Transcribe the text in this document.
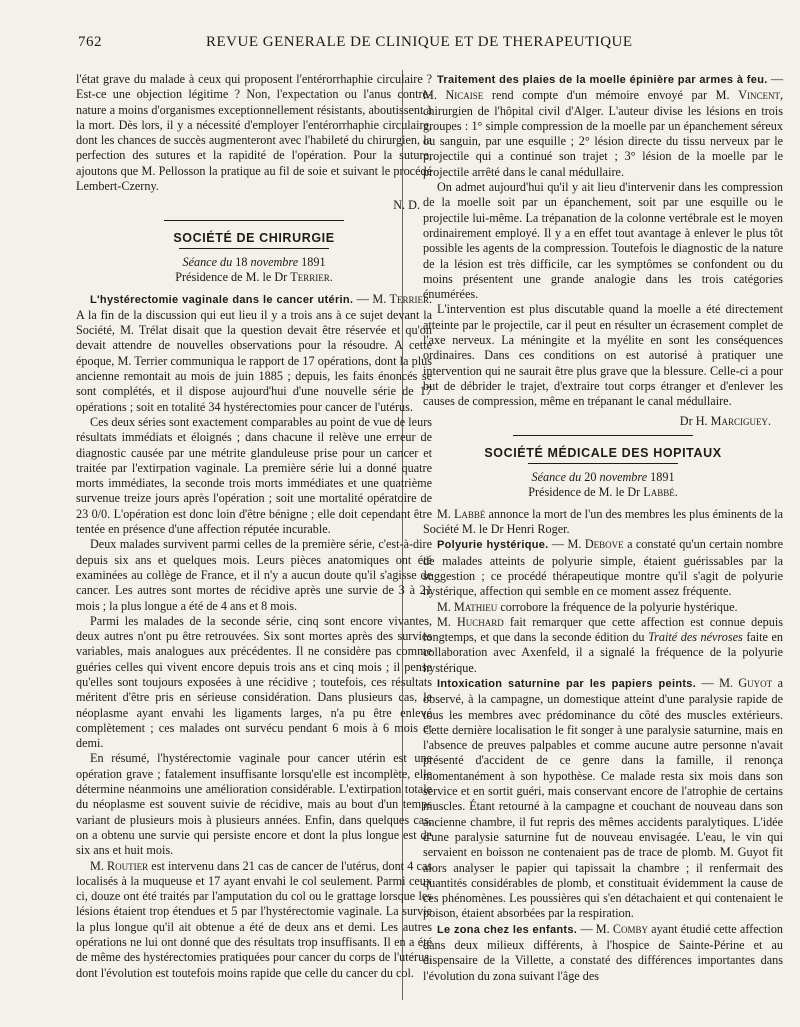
762	REVUE GENERALE DE CLINIQUE ET DE THERAPEUTIQUE

l'état grave du malade à ceux qui proposent l'entérorrhaphie circulaire ? Est-ce une objection légitime ? Non, l'expectation ou l'anus contre-nature a moins d'organismes exceptionnellement résistants, aboutissent à la mort. Dès lors, il y a nécessité d'employer l'entérorrhaphie circulaire, dont les chances de succès augmenteront avec l'habileté du chirurgien, la perfection des sutures et la rapidité de l'opération. Pour la suture, ajoutons que M. Pellosson la pratique au fil de soie et suivant le procédé Lembert-Czerny.

N. D.

SOCIÉTÉ DE CHIRURGIE

Séance du 18 novembre 1891

Présidence de M. le Dr Terrier.

L'hystérectomie vaginale dans le cancer utérin. — M. Terrier. A la fin de la discussion qui eut lieu il y a trois ans à ce sujet devant la Société, M. Trélat disait que la question devait être réservée et qu'on devait attendre de nouvelles observations pour la résoudre. A cette époque, M. Terrier communiqua le rapport de 17 opérations, dont la plus ancienne remontait au mois de juin 1885 ; depuis, les faits énoncés se sont complétés, et il dispose aujourd'hui d'une nouvelle série de 17 opérations ; soit en totalité 34 hystérectomies pour cancer de l'utérus.

Ces deux séries sont exactement comparables au point de vue de leurs résultats immédiats et éloignés ; dans chacune il relève une erreur de diagnostic causée par une métrite glanduleuse prise pour un cancer et traitée par l'extirpation vaginale. La première série lui a donné quatre morts immédiates, la seconde trois morts immédiates et une quatrième survenue treize jours après l'opération ; soit une mortalité opératoire de 23 0/0. L'opération est donc loin d'être bénigne ; elle doit cependant être tentée en présence d'une affection réputée incurable.

Deux malades survivent parmi celles de la première série, c'est-à-dire depuis six ans et quelques mois. Leurs pièces anatomiques ont été examinées au collège de France, et il n'y a aucun doute qu'il s'agisse de cancer. Les autres sont mortes de récidive après une survie de 3 à 21 mois ; la plus longue a été de 4 ans et 8 mois.

Parmi les malades de la seconde série, cinq sont encore vivantes, deux autres n'ont pu être retrouvées. Six sont mortes après des survies variables, mais analogues aux précédentes. Il ne considère pas comme guéries celles qui vivent encore depuis trois ans et cinq mois ; il pense qu'elles sont toujours exposées à une récidive ; toutefois, ces résultats méritent d'être pris en sérieuse considération. Dans plusieurs cas, le néoplasme ayant envahi les ligaments larges, n'a pu être enlevé complètement ; ces malades ont survécu pendant 6 mois à 6 mois et demi.

En résumé, l'hystérectomie vaginale pour cancer utérin est une opération grave ; fatalement insuffisante lorsqu'elle est incomplète, elle détermine néanmoins une amélioration considérable. L'extirpation totale du néoplasme est souvent suivie de récidive, mais au bout d'un temps variant de plusieurs mois à plusieurs années. Enfin, dans quelques cas, on a obtenu une survie qui persiste encore et dont la plus longue est de six ans et huit mois.

M. Routier est intervenu dans 21 cas de cancer de l'utérus, dont 4 cas localisés à la muqueuse et 17 ayant envahi le col seulement. Parmi ceux ci, douze ont été traités par l'amputation du col ou le grattage lorsque les lésions étaient trop étendues et 5 par l'hystérectomie vaginale. La survie la plus longue qu'il ait obtenue a été de deux ans et demi. Les autres opérations ne lui ont donné que des résultats trop insuffisants. Il en a été de même des hystérectomies pratiquées pour cancer du corps de l'utérus, dont l'évolution est toutefois moins rapide que celle du cancer du col.

Traitement des plaies de la moelle épinière par armes à feu. — M. Nicaise rend compte d'un mémoire envoyé par M. Vincent, chirurgien de l'hôpital civil d'Alger. L'auteur divise les lésions en trois groupes : 1° simple compression de la moelle par un épanchement séreux ou sanguin, par une esquille ; 2° lésion directe du tissu nerveux par le projectile qui a continué son trajet ; 3° lésion de la moelle par le projectile arrêté dans le canal médullaire.

On admet aujourd'hui qu'il y ait lieu d'intervenir dans les compression de la moelle soit par un épanchement, soit par une esquille ou le projectile lui-même. La trépanation de la colonne vertébrale est le moyen ordinairement employé. Il y a en effet tout avantage à enlever le plus tôt possible les agents de la compression. Toutefois le diagnostic de la nature de la lésion est très difficile, car les symptômes se confondent ou du moins présentent une grande analogie dans les trois catégories énumérées.

L'intervention est plus discutable quand la moelle a été directement atteinte par le projectile, car il peut en résulter un écrasement complet de l'axe nerveux. La méningite et la myélite en sont les conséquences ordinaires. Dans ces conditions on est autorisé à pratiquer une intervention qui ne saurait être plus grave que la blessure. Celle-ci a pour but de débrider le trajet, d'extraire tout corps étranger et d'enlever les causes de compression, même en trépanant le canal médullaire.

Dr H. Marciguey.

SOCIÉTÉ MÉDICALE DES HOPITAUX

Séance du 20 novembre 1891

Présidence de M. le Dr Labbé.

M. Labbé annonce la mort de l'un des membres les plus éminents de la Société M. le Dr Henri Roger.

Polyurie hystérique. — M. Debove a constaté qu'un certain nombre de malades atteints de polyurie simple, étaient guérissables par la suggestion ; ce procédé thérapeutique montre qu'il s'agit de polyurie hystérique, affection qui semble en ce moment assez fréquente.

M. Mathieu corrobore la fréquence de la polyurie hystérique.

M. Huchard fait remarquer que cette affection est connue depuis longtemps, et que dans la seconde édition du Traité des névroses faite en collaboration avec Axenfeld, il a signalé la fréquence de la polyurie hystérique.

Intoxication saturnine par les papiers peints. — M. Guyot a observé, à la campagne, un domestique atteint d'une paralysie rapide de tous les membres avec prédominance du côté des muscles extérieurs. Cette dernière localisation le fit songer à une paralysie saturnine, mais en l'absence de preuves palpables et comme aucune autre personne n'avait présenté d'accident de ce genre dans la famille, il renonça momentanément à son hypothèse. Ce malade resta six mois dans son service et en sortit guéri, mais conservant encore de l'atrophie de certains muscles. Étant retourné à la campagne et couchant de nouveau dans son ancienne chambre, il fut repris des mêmes accidents paralytiques. L'idée d'une paralysie saturnine fut de nouveau envisagée. L'eau, le vin qui servaient en boisson ne contenaient pas de trace de plomb. M. Guyot fit alors analyser le papier qui tapissait la chambre ; il renfermait des quantités considérables de plomb, et constituait évidemment la cause de ces phénomènes. Les poussières qui s'en détachaient et qui contenaient le poison, étaient absorbées par la respiration.

Le zona chez les enfants. — M. Comby ayant étudié cette affection dans deux milieux différents, à l'hospice de Sainte-Périne et au dispensaire de la Villette, a constaté des différences importantes dans l'évolution du zona suivant l'âge des
